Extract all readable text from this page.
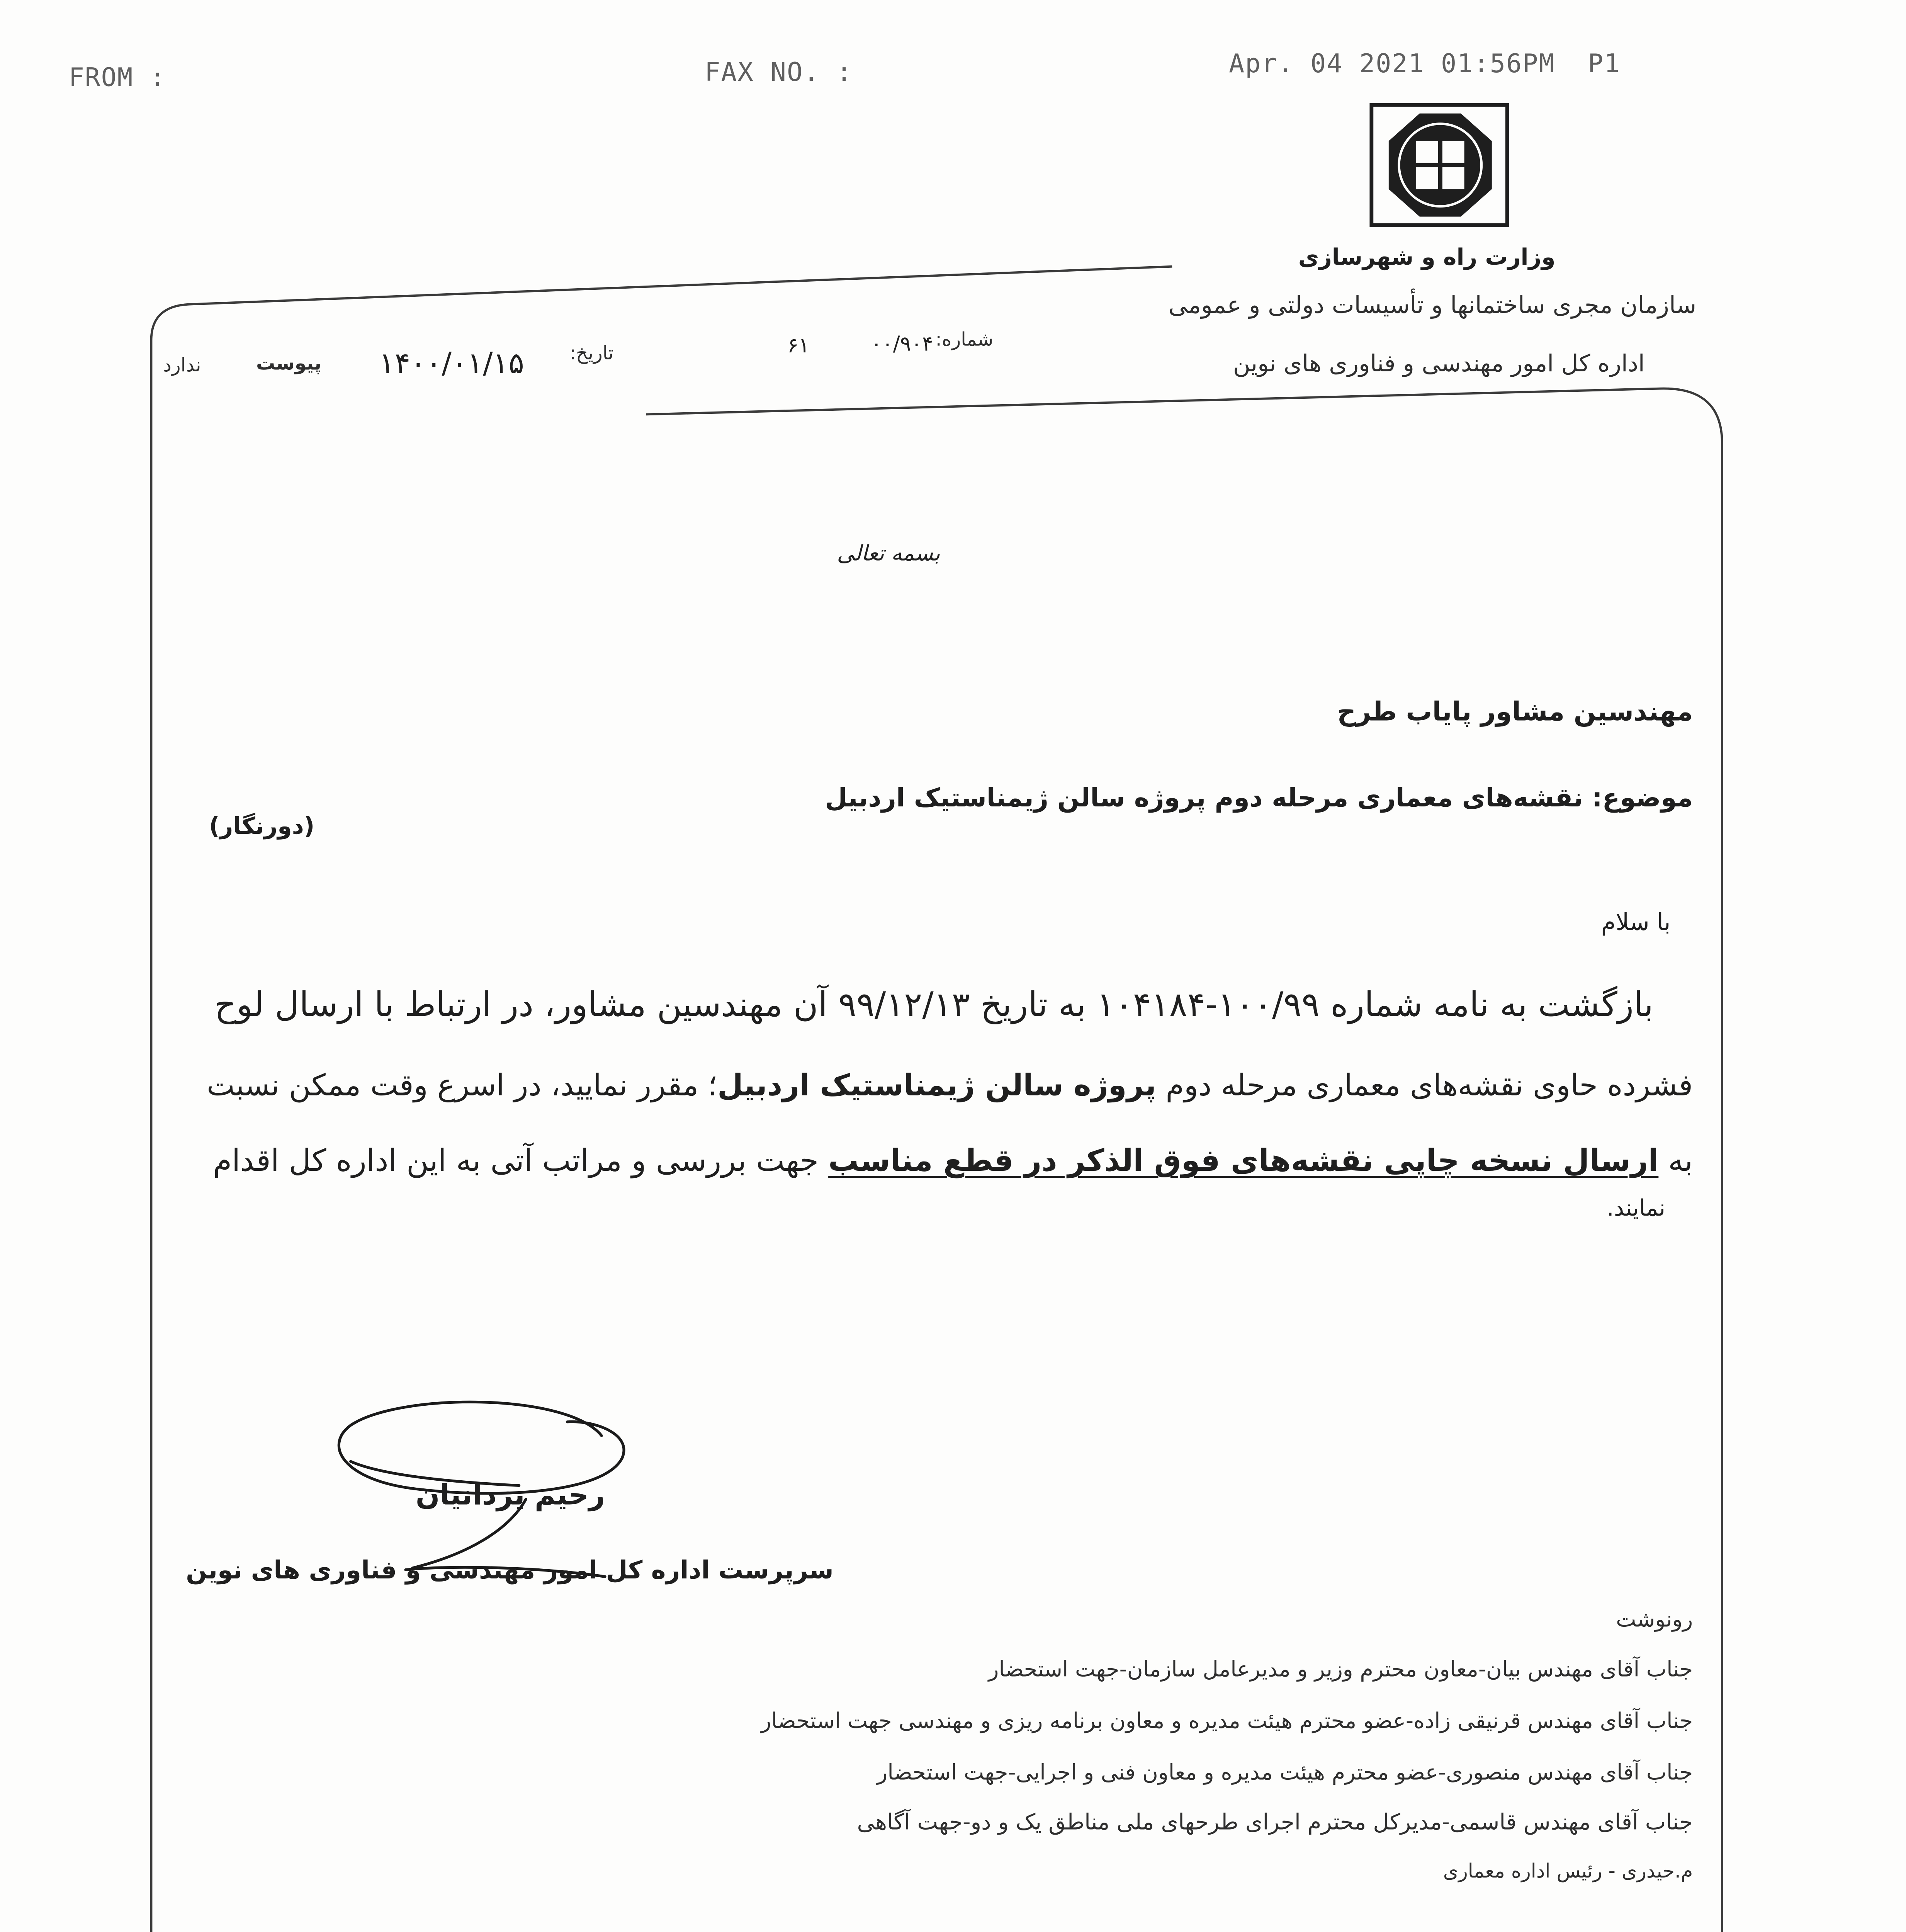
FROM :	FAX NO. :	Apr. 04 2021 01:56PM  P1
وزارت راه و شهرسازی
سازمان مجری ساختمانها و تأسیسات دولتی و عمومی
اداره کل امور مهندسی و فناوری های نوین
شماره:
۰۰/۹۰۴
۶۱
تاریخ:
۱۴۰۰/۰۱/۱۵
پیوست
ندارد
بسمه تعالی
مهندسین مشاور پایاب طرح
موضوع: نقشه‌های معماری مرحله دوم پروژه سالن ژیمناستیک اردبیل
(دورنگار)
با سلام
بازگشت به نامه شماره ۱۰۰/۹۹-۱۰۴۱۸۴ به تاریخ ۹۹/۱۲/۱۳ آن مهندسین مشاور، در ارتباط با ارسال لوح
فشرده حاوی نقشه‌های معماری مرحله دوم پروژه سالن ژیمناستیک اردبیل؛ مقرر نمایید، در اسرع وقت ممکن نسبت
به ارسال نسخه چاپی نقشه‌های فوق الذکر در قطع مناسب جهت بررسی و مراتب آتی به این اداره کل اقدام
نمایند.
رحیم یزدانیان
سرپرست اداره کل امور مهندسی و فناوری های نوین
رونوشت
جناب آقای مهندس بیان-معاون محترم وزیر و مدیرعامل سازمان-جهت استحضار
جناب آقای مهندس قرنیقی زاده-عضو محترم هیئت مدیره و معاون برنامه ریزی و مهندسی جهت استحضار
جناب آقای مهندس منصوری-عضو محترم هیئت مدیره و معاون فنی و اجرایی-جهت استحضار
جناب آقای مهندس قاسمی-مدیرکل محترم اجرای طرحهای ملی مناطق یک و دو-جهت آگاهی
م.حیدری - رئیس اداره معماری
